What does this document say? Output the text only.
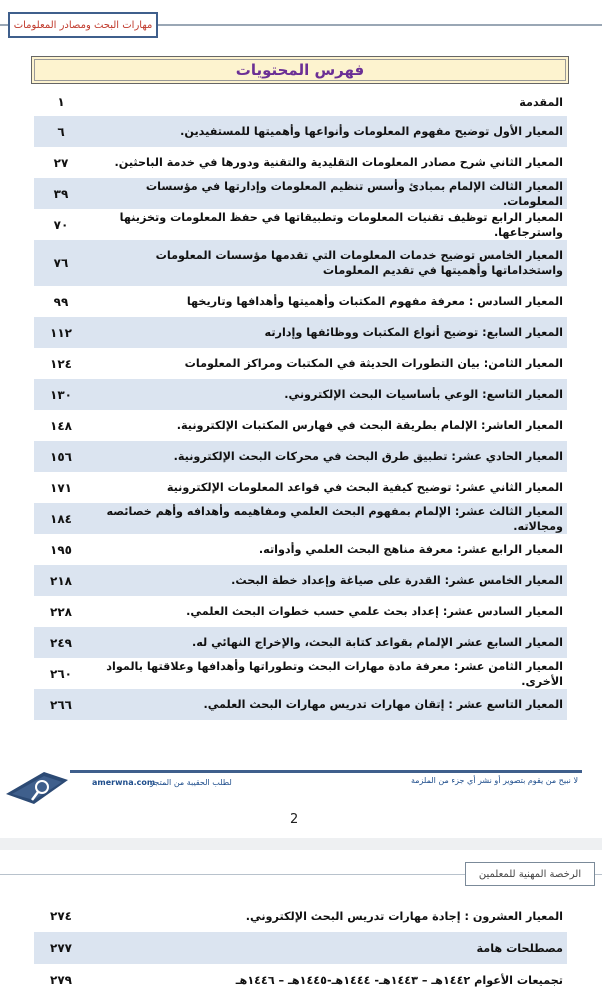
مهارات البحث ومصادر المعلومات
فهرس المحتويات
المقدمة
١
المعيار الأول توضيح مفهوم المعلومات وأنواعها وأهميتها للمستفيدين.
٦
المعيار الثاني شرح مصادر المعلومات التقليدية والتقنية ودورها في خدمة الباحثين.
٢٧
المعيار الثالث الإلمام بمبادئ وأسس تنظيم المعلومات وإدارتها في مؤسسات المعلومات.
٣٩
المعيار الرابع توظيف تقنيات المعلومات وتطبيقاتها في حفظ المعلومات وتخزينها واسترجاعها.
٧٠
المعيار الخامس توضيح خدمات المعلومات التي تقدمها مؤسسات المعلومات واستخداماتها وأهميتها في تقديم المعلومات
٧٦
المعيار السادس : معرفة مفهوم المكتبات وأهميتها وأهدافها وتاريخها
٩٩
المعيار السابع: توضيح أنواع المكتبات ووظائفها وإدارته
١١٢
المعيار الثامن: بيان التطورات الحديثة في المكتبات ومراكز المعلومات
١٢٤
المعيار التاسع: الوعي بأساسيات البحث الإلكتروني.
١٣٠
المعيار العاشر: الإلمام بطريقة البحث في فهارس المكتبات الإلكترونية.
١٤٨
المعيار الحادي عشر: تطبيق طرق البحث في محركات البحث الإلكترونية.
١٥٦
المعيار الثاني عشر: توضيح كيفية البحث في قواعد المعلومات الإلكترونية
١٧١
المعيار الثالث عشر: الإلمام بمفهوم البحث العلمي ومفاهيمه وأهدافه وأهم خصائصه ومجالاته.
١٨٤
المعيار الرابع عشر: معرفة مناهج البحث العلمي وأدواته.
١٩٥
المعيار الخامس عشر: القدرة على صياغة وإعداد خطة البحث.
٢١٨
المعيار السادس عشر: إعداد بحث علمي حسب خطوات البحث العلمي.
٢٢٨
المعيار السابع عشر الإلمام بقواعد كتابة البحث، والإخراج النهائي له.
٢٤٩
المعيار الثامن عشر: معرفة مادة مهارات البحث وتطوراتها وأهدافها وعلاقتها بالمواد الأخرى.
٢٦٠
المعيار التاسع عشر : إتقان مهارات تدريس مهارات البحث العلمي.
٢٦٦
amerwna.com
لطلب الحقيبة من المتجر	لا نبيح من يقوم بتصوير أو نشر أي جزء من الملزمة
2
الرخصة المهنية للمعلمين
المعيار العشرون : إجادة مهارات تدريس البحث الإلكتروني.
٢٧٤
مصطلحات هامة
٢٧٧
تجميعات الأعوام ١٤٤٢هـ – ١٤٤٣هـ- ١٤٤٤هـ-١٤٤٥هـ – ١٤٤٦هـ
٢٧٩
